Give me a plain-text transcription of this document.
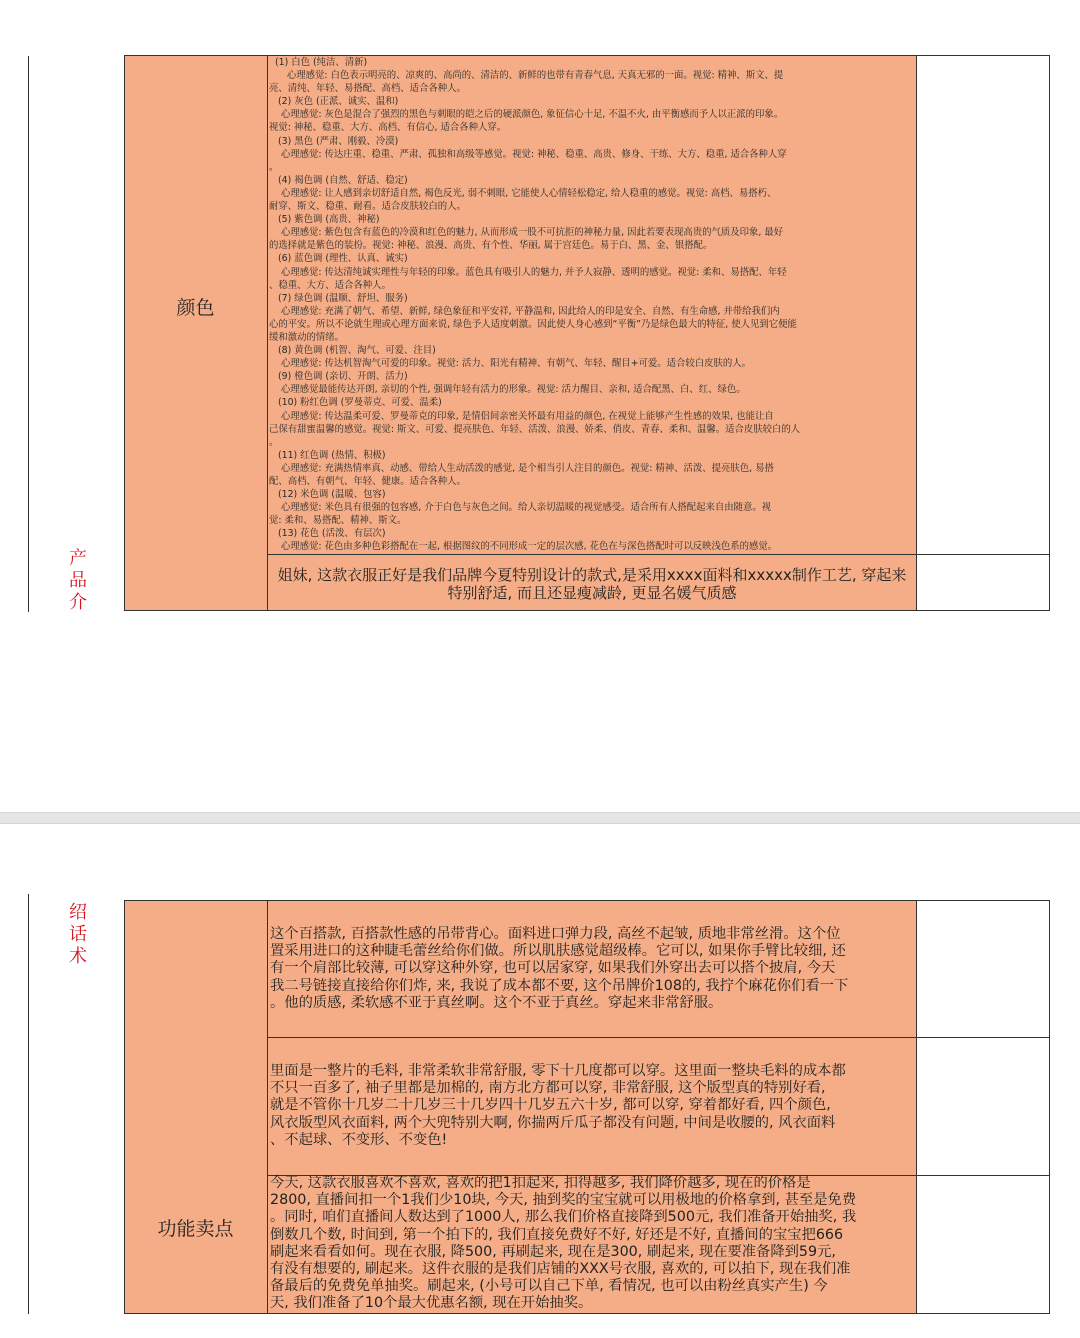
颜色
(1) 白色 (纯洁、清新)
心理感觉: 白色表示明亮的、凉爽的、高尚的、清洁的、新鲜的也带有青春气息, 天真无邪的一面。视觉: 精神、斯文、提
亮、清纯、年轻、易搭配、高档、适合各种人。
(2) 灰色 (正派、诚实、温和)
心理感觉: 灰色是混合了强烈的黑色与刺眼的皑之后的硬派颜色, 象征信心十足, 不温不火, 由平衡感而予人以正派的印象。
视觉: 神秘、稳重、大方、高档、有信心, 适合各种人穿。
(3) 黑色 (严肃、刚毅、冷漠)
心理感觉: 传达庄重、稳重、严肃、孤独和高级等感觉。视觉: 神秘、稳重、高贵、修身、干练、大方、稳重, 适合各种人穿
。
(4) 褐色调 (自然、舒适、稳定)
心理感觉: 让人感到亲切舒适自然, 褐色反光, 弱不刺眼, 它能使人心情轻松稳定, 给人稳重的感觉。视觉: 高档、易搭朽、
耐穿、斯文、稳重、耐看。适合皮肤较白的人。
(5) 紫色调 (高贵、神秘)
心理感觉: 紫色包含有蓝色的冷漠和红色的魅力, 从而形成一股不可抗拒的神秘力量, 因此若要表现高贵的气质及印象, 最好
的选择就是紫色的装扮。视觉: 神秘、浪漫、高贵、有个性、华丽, 属于宫廷色。易于白、黑、金、银搭配。
(6) 蓝色调 (理性、认真、诚实)
心理感觉: 传达清纯诚实理性与年轻的印象。蓝色具有吸引人的魅力, 并予人寂静、透明的感觉。视觉: 柔和、易搭配、年轻
、稳重、大方、适合各种人。
(7) 绿色调 (温顺、舒坦、服务)
心理感觉: 充满了朝气、希望、新鲜, 绿色象征和平安祥, 平静温和, 因此给人的印是安全、自然、有生命感, 并带给我们内
心的平安。所以不论就生理或心理方面来说, 绿色予人适度刺激。因此使人身心感到“平衡”乃是绿色最大的特征, 使人见到它便能
缓和激动的情绪。
(8) 黄色调 (机智、淘气、可爱、注目)
心理感觉: 传达机智淘气可爱的印象。视觉: 活力、阳光有精神、有朝气、年轻、醒目+可爱。适合较白皮肤的人。
(9) 橙色调 (亲切、开朗、活力)
心理感觉最能传达开朗, 亲切的个性, 强调年轻有活力的形象。视觉: 活力醒目、亲和, 适合配黑、白、红、绿色。
(10) 粉红色调 (罗曼蒂克、可爱、温柔)
心理感觉: 传达温柔可爱、罗曼蒂克的印象, 是情侣间亲密关怀最有用益的颜色, 在视觉上能够产生性感的效果, 也能让自
己保有甜蜜温馨的感觉。视觉: 斯文、可爱、提亮肤色、年轻、活泼、浪漫、娇柔、俏皮、青春、柔和、温馨。适合皮肤较白的人
。
(11) 红色调 (热情、积极)
心理感觉: 充满热情率真、动感、带给人生动活泼的感觉, 是个相当引人注目的颜色。视觉: 精神、活泼、提亮肤色, 易搭
配、高档、有朝气、年轻、健康。适合各种人。
(12) 米色调 (温暖、包容)
心理感觉: 米色具有很强的包容感, 介于白色与灰色之间。给人亲切温暖的视觉感受。适合所有人搭配起来自由随意。视
觉: 柔和、易搭配、精神、斯文。
(13) 花色 (活泼、有层次)
心理感觉: 花色由多种色彩搭配在一起, 根据图纹的不同形成一定的层次感, 花色在与深色搭配时可以反映浅色系的感觉。
姐妹, 这款衣服正好是我们品牌今夏特别设计的款式,是采用xxxx面料和xxxxx制作工艺, 穿起来特别舒适, 而且还显瘦减龄, 更显名媛气质感
产品介
绍话术
功能卖点
这个百搭款, 百搭款性感的吊带背心。面料进口弹力段, 高丝不起皱, 质地非常丝滑。这个位
置采用进口的这种睫毛蕾丝给你们做。所以肌肤感觉超级棒。它可以, 如果你手臂比较细, 还
有一个肩部比较薄, 可以穿这种外穿, 也可以居家穿, 如果我们外穿出去可以搭个披肩, 今天
我二号链接直接给你们炸, 来, 我说了成本都不要, 这个吊牌价108的, 我拧个麻花你们看一下
。他的质感, 柔软感不亚于真丝啊。这个不亚于真丝。穿起来非常舒服。
里面是一整片的毛料, 非常柔软非常舒服, 零下十几度都可以穿。这里面一整块毛料的成本都
不只一百多了, 袖子里都是加棉的, 南方北方都可以穿, 非常舒服, 这个版型真的特别好看,
就是不管你十几岁二十几岁三十几岁四十几岁五六十岁, 都可以穿, 穿着都好看, 四个颜色,
风衣版型风衣面料, 两个大兜特别大啊, 你揣两斤瓜子都没有问题, 中间是收腰的, 风衣面料
、不起球、不变形、不变色!
今天, 这款衣服喜欢不喜欢, 喜欢的把1扣起来, 扣得越多, 我们降价越多, 现在的价格是
2800, 直播间扣一个1我们少10块, 今天, 抽到奖的宝宝就可以用极地的价格拿到, 甚至是免费
。同时, 咱们直播间人数达到了1000人, 那么我们价格直接降到500元, 我们准备开始抽奖, 我
倒数几个数, 时间到, 第一个拍下的, 我们直接免费好不好, 好还是不好, 直播间的宝宝把666
刷起来看看如何。现在衣服, 降500, 再刷起来, 现在是300, 刷起来, 现在要准备降到59元,
有没有想要的, 刷起来。这件衣服的是我们店铺的XXX号衣服, 喜欢的, 可以拍下, 现在我们准
备最后的免费免单抽奖。刷起来, (小号可以自己下单, 看情况, 也可以由粉丝真实产生) 今
天, 我们准备了10个最大优惠名额, 现在开始抽奖。
